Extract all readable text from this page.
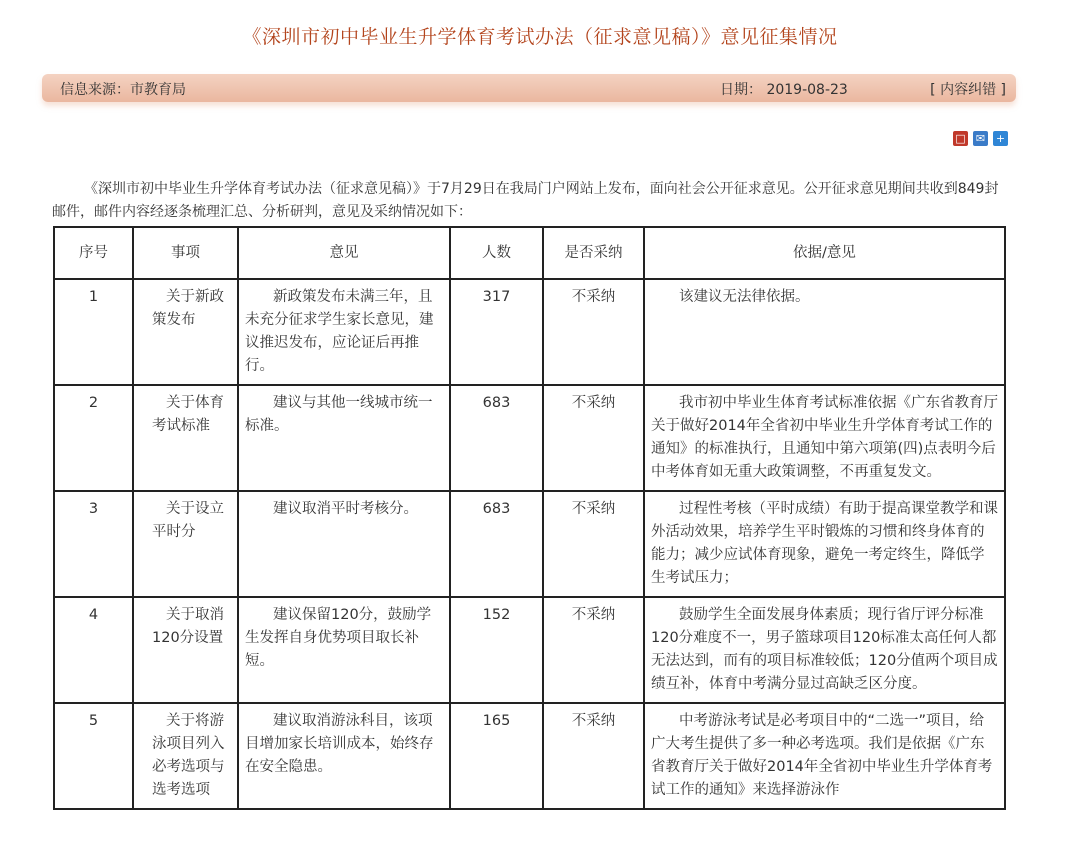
《深圳市初中毕业生升学体育考试办法（征求意见稿）》意见征集情况
信息来源：市教育局	日期： 2019-08-23	[ 内容纠错 ]
□ ✉ +
《深圳市初中毕业生升学体育考试办法（征求意见稿）》于7月29日在我局门户网站上发布，面向社会公开征求意见。公开征求意见期间共收到849封邮件，邮件内容经逐条梳理汇总、分析研判，意见及采纳情况如下：
序号	事项	意见	人数	是否采纳	依据/意见
1	关于新政策发布	新政策发布未满三年，且未充分征求学生家长意见，建议推迟发布，应论证后再推行。	317	不采纳	该建议无法律依据。
2	关于体育考试标准	建议与其他一线城市统一标准。	683	不采纳	我市初中毕业生体育考试标准依据《广东省教育厅关于做好2014年全省初中毕业生升学体育考试工作的通知》的标准执行，且通知中第六项第(四)点表明今后中考体育如无重大政策调整，不再重复发文。
3	关于设立平时分	建议取消平时考核分。	683	不采纳	过程性考核（平时成绩）有助于提高课堂教学和课外活动效果，培养学生平时锻炼的习惯和终身体育的能力；减少应试体育现象，避免一考定终生，降低学生考试压力；
4	关于取消120分设置	建议保留120分，鼓励学生发挥自身优势项目取长补短。	152	不采纳	鼓励学生全面发展身体素质；现行省厅评分标准120分难度不一，男子篮球项目120标准太高任何人都无法达到，而有的项目标准较低；120分值两个项目成绩互补，体育中考满分显过高缺乏区分度。
5	关于将游泳项目列入必考选项与选考选项	建议取消游泳科目，该项目增加家长培训成本，始终存在安全隐患。	165	不采纳	中考游泳考试是必考项目中的“二选一”项目，给广大考生提供了多一种必考选项。我们是依据《广东省教育厅关于做好2014年全省初中毕业生升学体育考试工作的通知》来选择游泳作
